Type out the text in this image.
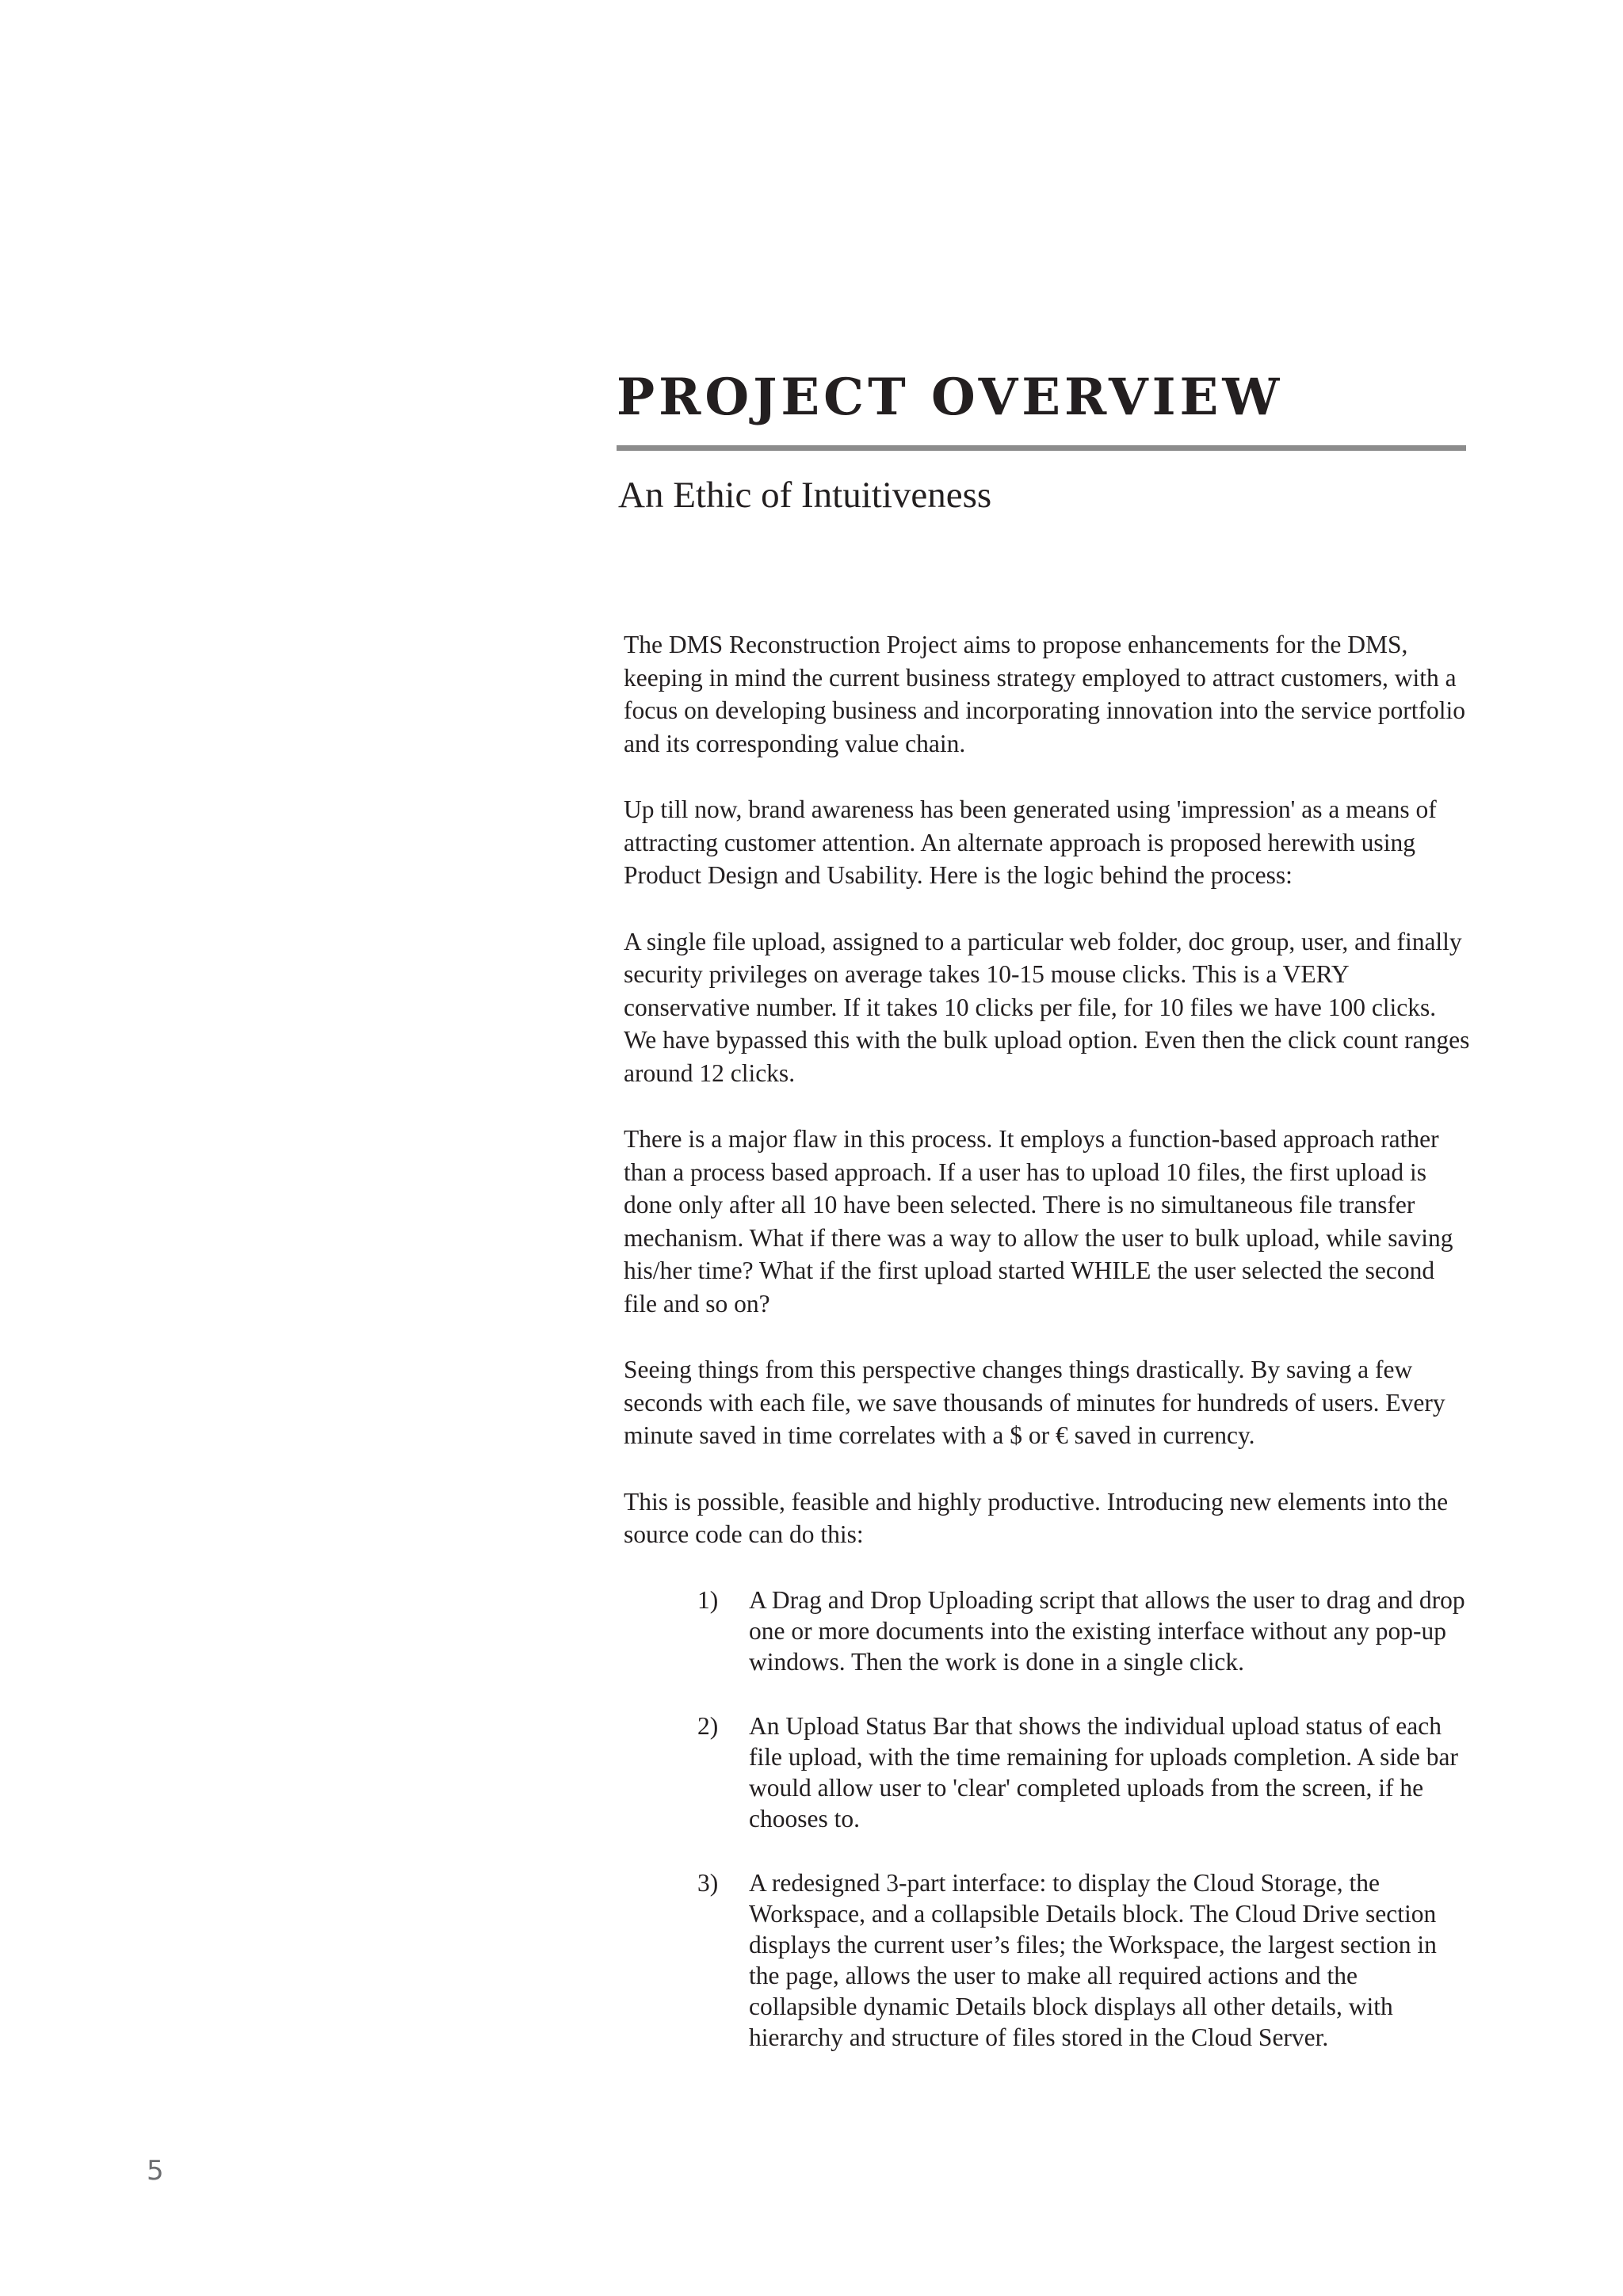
PROJECT OVERVIEW
An Ethic of Intuitiveness

The DMS Reconstruction Project aims to propose enhancements for the DMS, keeping in mind the current business strategy employed to attract customers, with a focus on developing business and incorporating innovation into the service portfolio and its corresponding value chain.

Up till now, brand awareness has been generated using 'impression' as a means of attracting customer attention. An alternate approach is proposed herewith using Product Design and Usability. Here is the logic behind the process:

A single file upload, assigned to a particular web folder, doc group, user, and finally security privileges on average takes 10-15 mouse clicks. This is a VERY conservative number. If it takes 10 clicks per file, for 10 files we have 100 clicks. We have bypassed this with the bulk upload option. Even then the click count ranges around 12 clicks.

There is a major flaw in this process. It employs a function-based approach rather than a process based approach. If a user has to upload 10 files, the first upload is done only after all 10 have been selected. There is no simultaneous file transfer mechanism. What if there was a way to allow the user to bulk upload, while saving his/her time? What if the first upload started WHILE the user selected the second file and so on?

Seeing things from this perspective changes things drastically. By saving a few seconds with each file, we save thousands of minutes for hundreds of users. Every minute saved in time correlates with a $ or € saved in currency.

This is possible, feasible and highly productive. Introducing new elements into the source code can do this:

1) A Drag and Drop Uploading script that allows the user to drag and drop one or more documents into the existing interface without any pop-up windows. Then the work is done in a single click.
2) An Upload Status Bar that shows the individual upload status of each file upload, with the time remaining for uploads completion. A side bar would allow user to 'clear' completed uploads from the screen, if he chooses to.
3) A redesigned 3-part interface: to display the Cloud Storage, the Workspace, and a collapsible Details block. The Cloud Drive section displays the current user’s files; the Workspace, the largest section in the page, allows the user to make all required actions and the collapsible dynamic Details block displays all other details, with hierarchy and structure of files stored in the Cloud Server.
5
